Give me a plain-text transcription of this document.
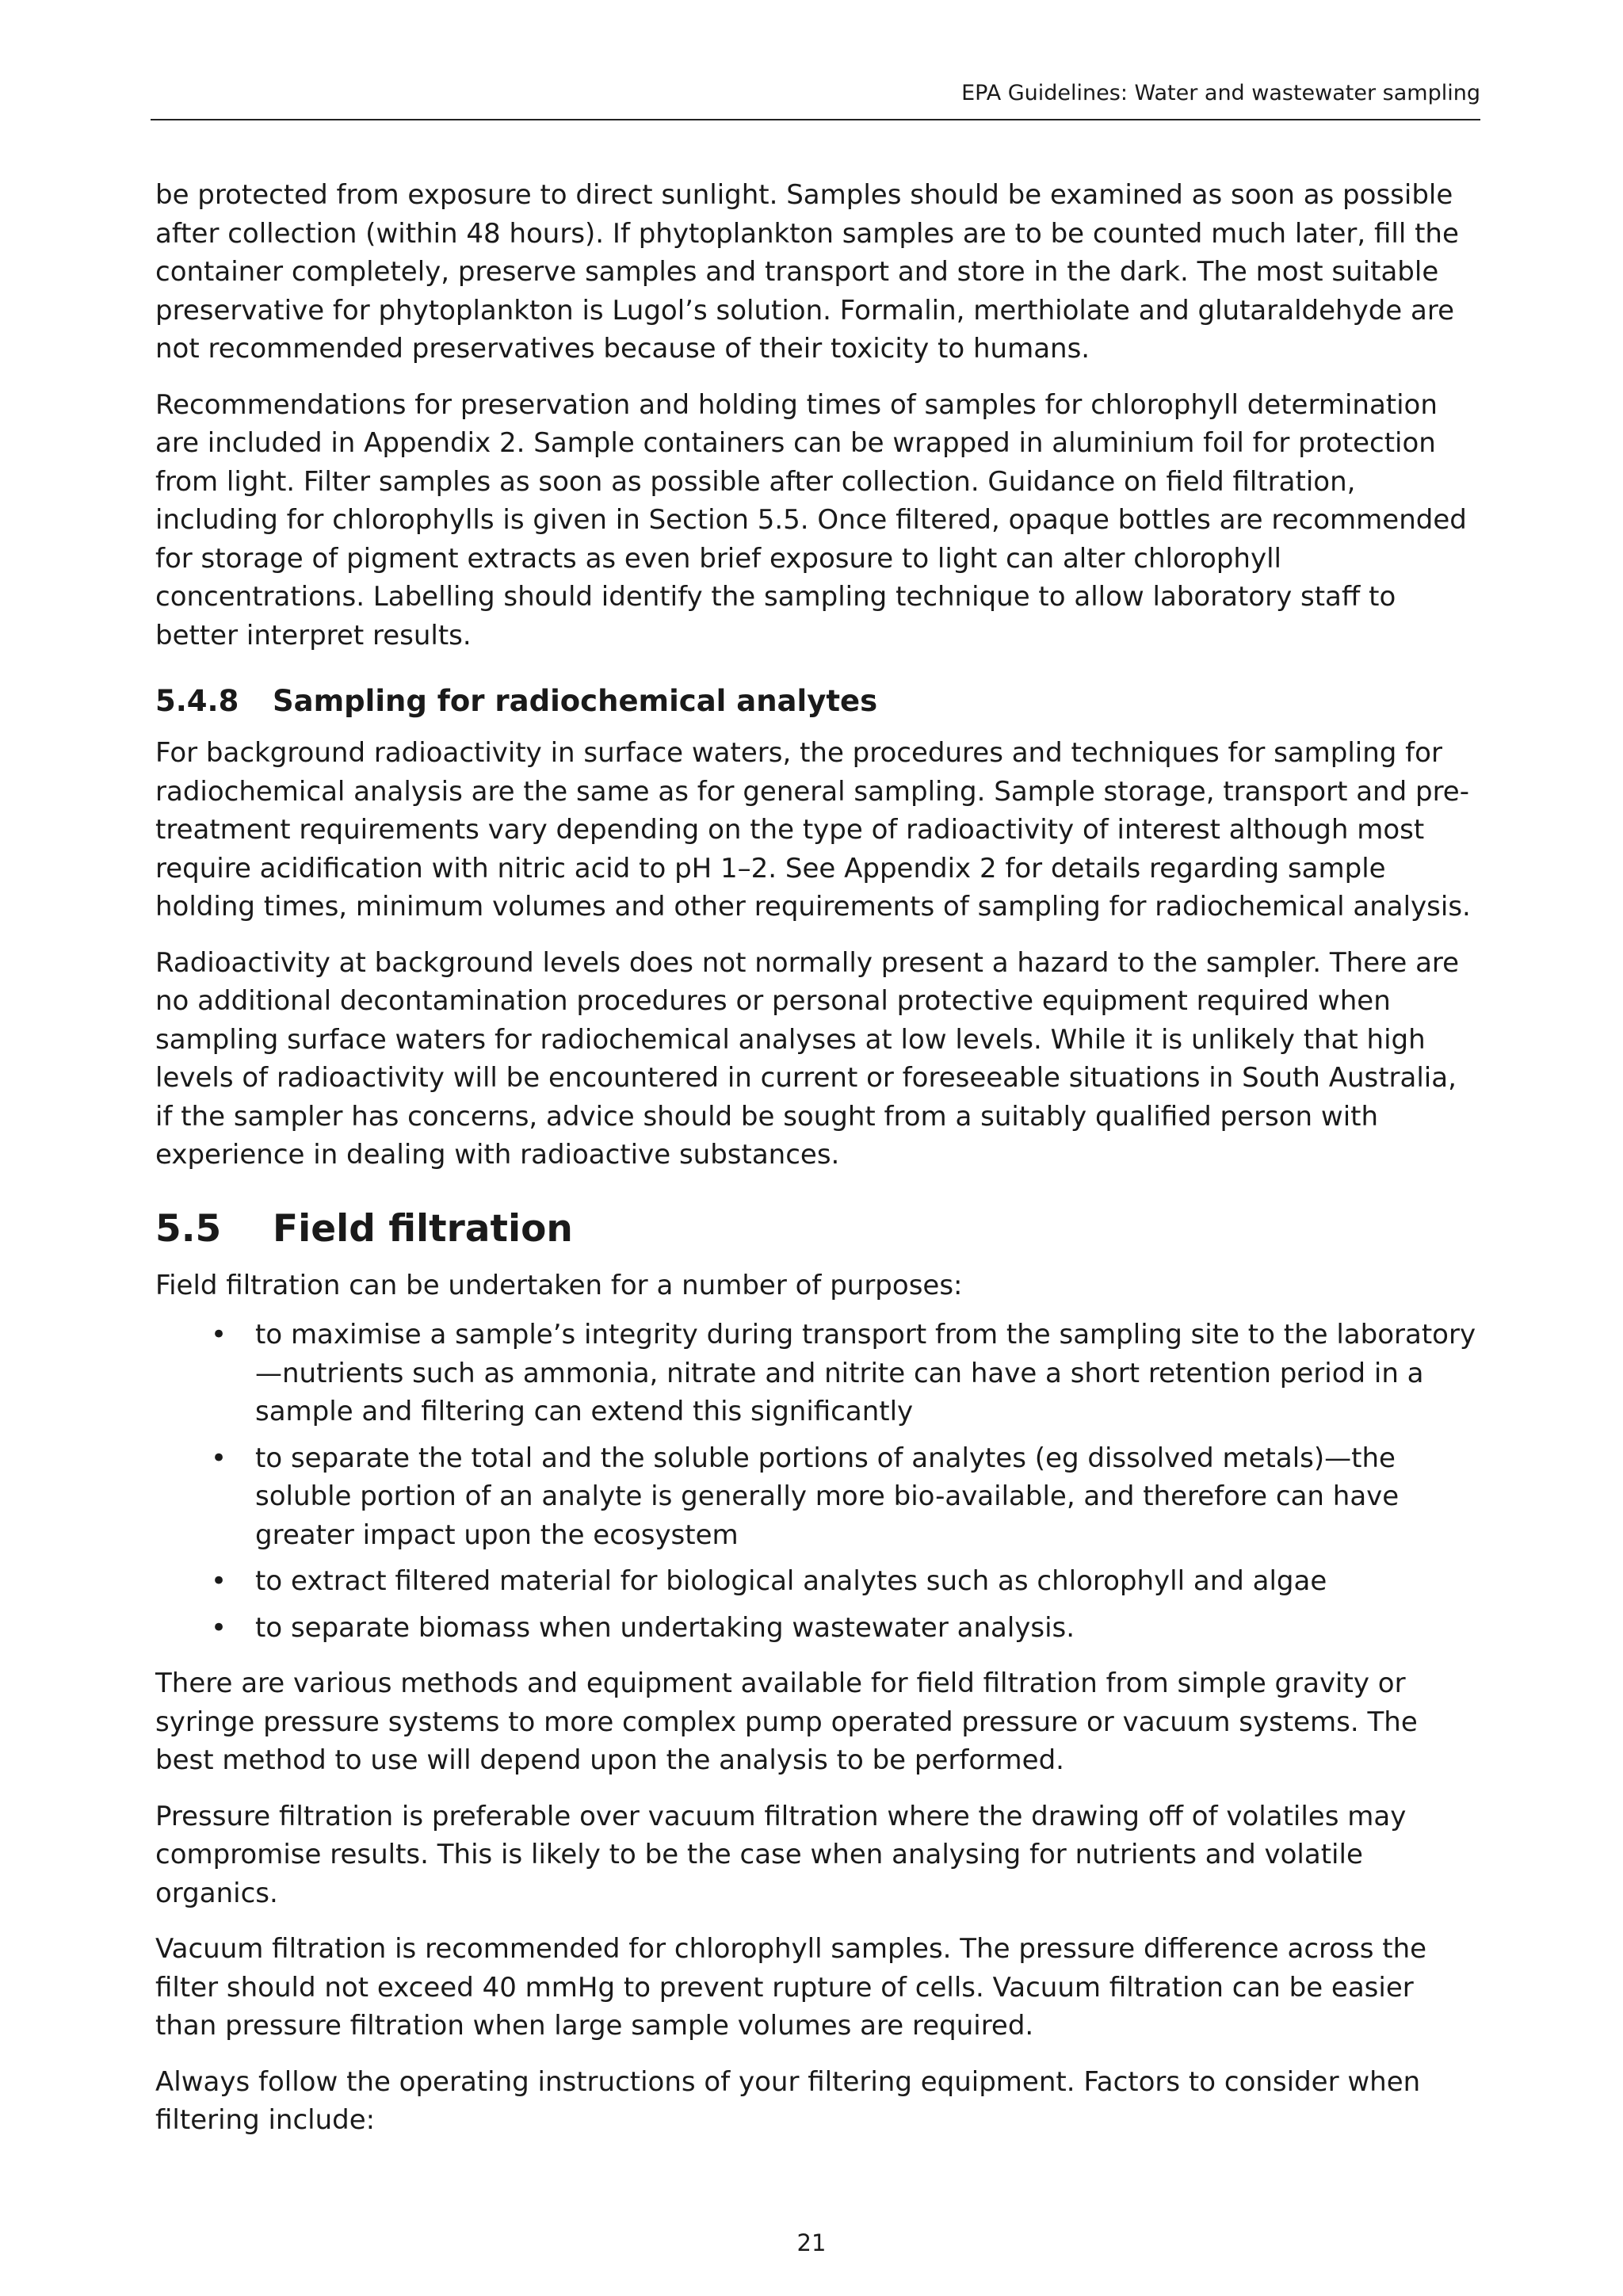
EPA Guidelines: Water and wastewater sampling

be protected from exposure to direct sunlight. Samples should be examined as soon as possible after collection (within 48 hours). If phytoplankton samples are to be counted much later, fill the container completely, preserve samples and transport and store in the dark. The most suitable preservative for phytoplankton is Lugol’s solution. Formalin, merthiolate and glutaraldehyde are not recommended preservatives because of their toxicity to humans.

Recommendations for preservation and holding times of samples for chlorophyll determination are included in Appendix 2. Sample containers can be wrapped in aluminium foil for protection from light. Filter samples as soon as possible after collection. Guidance on field filtration, including for chlorophylls is given in Section 5.5. Once filtered, opaque bottles are recommended for storage of pigment extracts as even brief exposure to light can alter chlorophyll concentrations. Labelling should identify the sampling technique to allow laboratory staff to better interpret results.

5.4.8 Sampling for radiochemical analytes

For background radioactivity in surface waters, the procedures and techniques for sampling for radiochemical analysis are the same as for general sampling. Sample storage, transport and pre-treatment requirements vary depending on the type of radioactivity of interest although most require acidification with nitric acid to pH 1–2. See Appendix 2 for details regarding sample holding times, minimum volumes and other requirements of sampling for radiochemical analysis.

Radioactivity at background levels does not normally present a hazard to the sampler. There are no additional decontamination procedures or personal protective equipment required when sampling surface waters for radiochemical analyses at low levels. While it is unlikely that high levels of radioactivity will be encountered in current or foreseeable situations in South Australia, if the sampler has concerns, advice should be sought from a suitably qualified person with experience in dealing with radioactive substances.

5.5 Field filtration

Field filtration can be undertaken for a number of purposes:

• to maximise a sample’s integrity during transport from the sampling site to the laboratory—nutrients such as ammonia, nitrate and nitrite can have a short retention period in a sample and filtering can extend this significantly
• to separate the total and the soluble portions of analytes (eg dissolved metals)—the soluble portion of an analyte is generally more bio-available, and therefore can have greater impact upon the ecosystem
• to extract filtered material for biological analytes such as chlorophyll and algae
• to separate biomass when undertaking wastewater analysis.

There are various methods and equipment available for field filtration from simple gravity or syringe pressure systems to more complex pump operated pressure or vacuum systems. The best method to use will depend upon the analysis to be performed.

Pressure filtration is preferable over vacuum filtration where the drawing off of volatiles may compromise results. This is likely to be the case when analysing for nutrients and volatile organics.

Vacuum filtration is recommended for chlorophyll samples. The pressure difference across the filter should not exceed 40 mmHg to prevent rupture of cells. Vacuum filtration can be easier than pressure filtration when large sample volumes are required.

Always follow the operating instructions of your filtering equipment. Factors to consider when filtering include:

21
